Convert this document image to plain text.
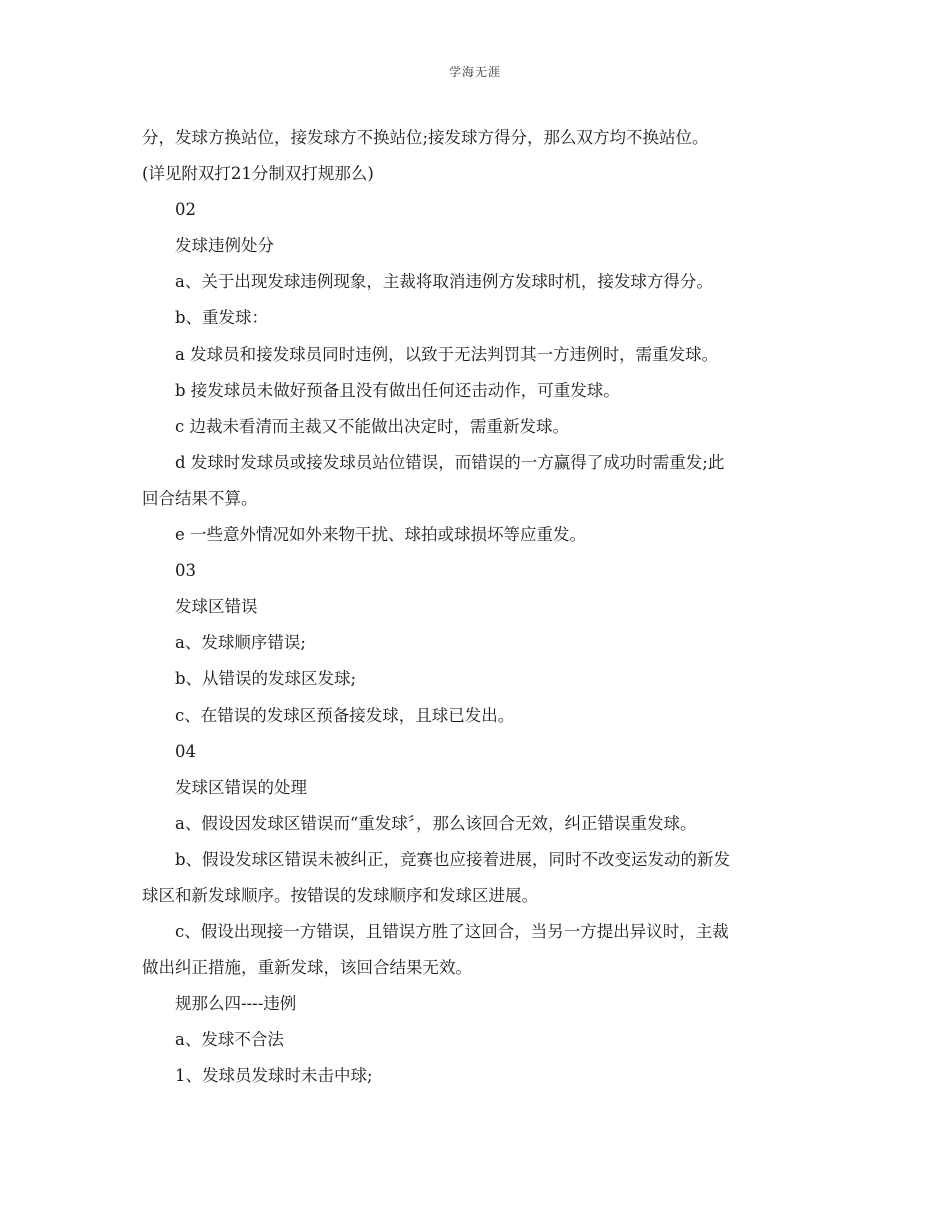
学海无涯
分，发球方换站位，接发球方不换站位;接发球方得分，那么双方均不换站位。
(详见附双打21分制双打规那么)
02
发球违例处分
a、关于出现发球违例现象，主裁将取消违例方发球时机，接发球方得分。
b、重发球：
a 发球员和接发球员同时违例，以致于无法判罚其一方违例时，需重发球。
b 接发球员未做好预备且没有做出任何还击动作，可重发球。
c 边裁未看清而主裁又不能做出决定时，需重新发球。
d 发球时发球员或接发球员站位错误，而错误的一方赢得了成功时需重发;此
回合结果不算。
e 一些意外情况如外来物干扰、球拍或球损坏等应重发。
03
发球区错误
a、发球顺序错误;
b、从错误的发球区发球;
c、在错误的发球区预备接发球，且球已发出。
04
发球区错误的处理
a、假设因发球区错误而“重发球〞，那么该回合无效，纠正错误重发球。
b、假设发球区错误未被纠正，竞赛也应接着进展，同时不改变运发动的新发
球区和新发球顺序。按错误的发球顺序和发球区进展。
c、假设出现接一方错误，且错误方胜了这回合，当另一方提出异议时，主裁
做出纠正措施，重新发球，该回合结果无效。
规那么四----违例
a、发球不合法
1、发球员发球时未击中球;
